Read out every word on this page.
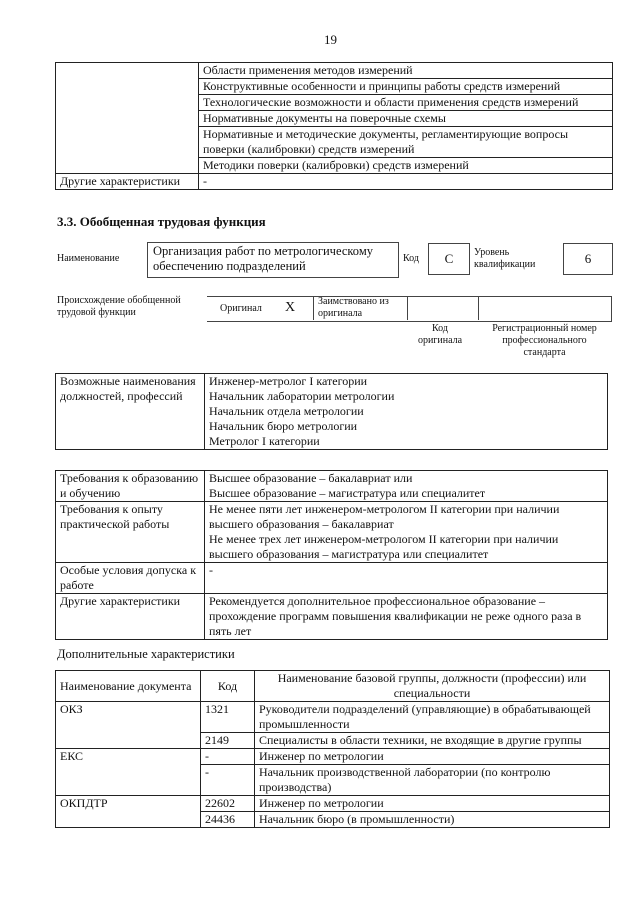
19
	Области применения методов измерений
	Конструктивные особенности и принципы работы средств измерений
	Технологические возможности и области применения средств измерений
	Нормативные документы на поверочные схемы
	Нормативные и методические документы, регламентирующие вопросы поверки (калибровки) средств измерений
	Методики поверки (калибровки) средств измерений
Другие характеристики	-
3.3. Обобщенная трудовая функция
Наименование
Организация работ по метрологическому обеспечению подразделений
Код	C	Уровень квалификации	6
Происхождение обобщенной трудовой функции	Оригинал X Заимствовано из оригинала
Код оригинала
Регистрационный номер профессионального стандарта
Возможные наименования должностей, профессий	
Инженер-метролог I категории
Начальник лаборатории метрологии
Начальник отдела метрологии
Начальник бюро метрологии
Метролог I категории
Требования к образованию и обучению	Высшее образование – бакалавриат или
Высшее образование – магистратура или специалитет

Требования к опыту практической работы	Не менее пяти лет инженером-метрологом II категории при наличии высшего образования – бакалавриат
Не менее трех лет инженером-метрологом II категории при наличии высшего образования – магистратура или специалитет

Особые условия допуска к работе	-
Другие характеристики	Рекомендуется дополнительное профессиональное образование – прохождение программ повышения квалификации не реже одного раза в пять лет
Дополнительные характеристики
Наименование документа	Код	Наименование базовой группы, должности (профессии) или специальности
ОКЗ	1321	Руководители подразделений (управляющие) в обрабатывающей промышленности
	2149	Специалисты в области техники, не входящие в другие группы
ЕКС	-	Инженер по метрологии
	-	Начальник производственной лаборатории (по контролю производства)
ОКПДТР	22602	Инженер по метрологии
	24436	Начальник бюро (в промышленности)
